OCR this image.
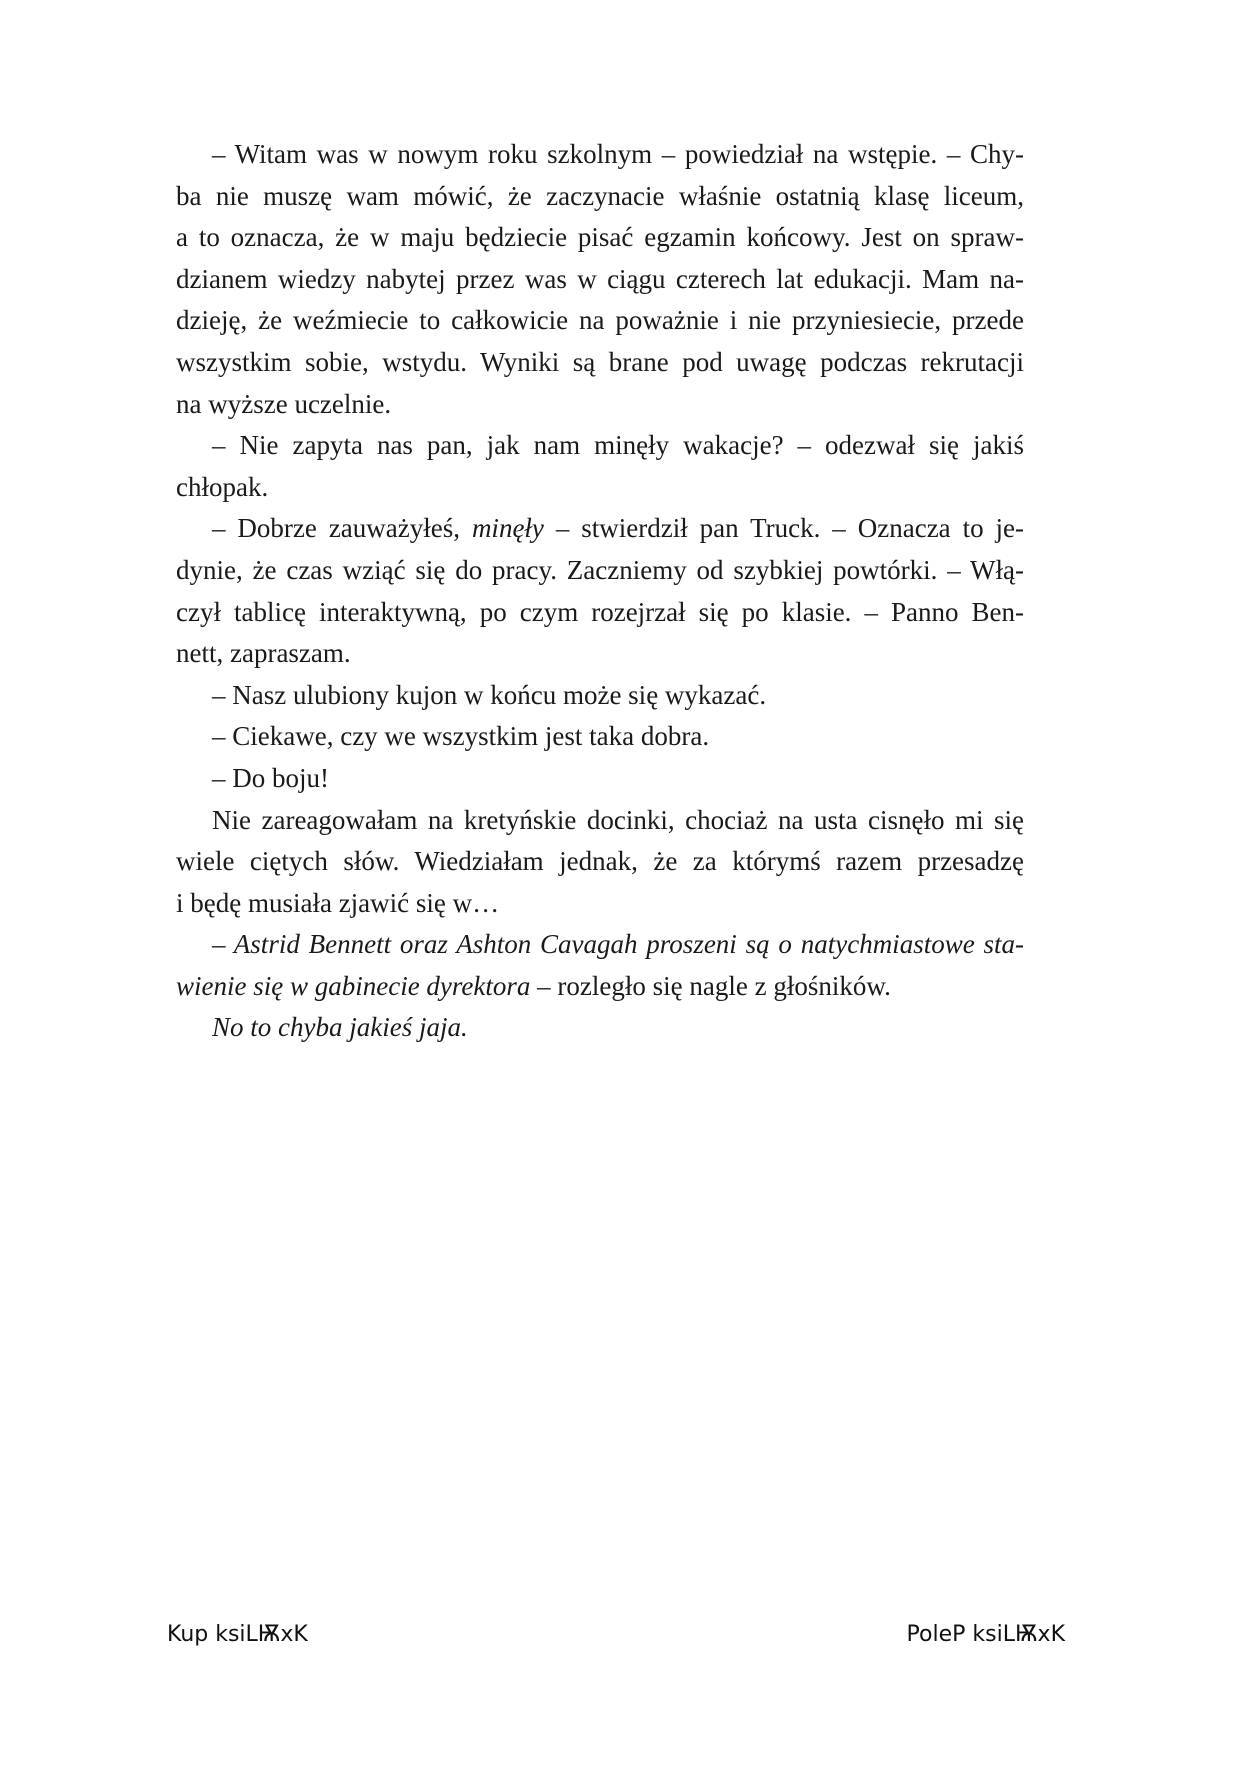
– Witam was w nowym roku szkolnym – powiedział na wstępie. – Chy-
ba nie muszę wam mówić, że zaczynacie właśnie ostatnią klasę liceum,
a to oznacza, że w maju będziecie pisać egzamin końcowy. Jest on spraw-
dzianem wiedzy nabytej przez was w ciągu czterech lat edukacji. Mam na-
dzieję, że weźmiecie to całkowicie na poważnie i nie przyniesiecie, przede
wszystkim sobie, wstydu. Wyniki są brane pod uwagę podczas rekrutacji
na wyższe uczelnie.
– Nie zapyta nas pan, jak nam minęły wakacje? – odezwał się jakiś
chłopak.
– Dobrze zauważyłeś, minęły – stwierdził pan Truck. – Oznacza to je-
dynie, że czas wziąć się do pracy. Zaczniemy od szybkiej powtórki. – Włą-
czył tablicę interaktywną, po czym rozejrzał się po klasie. – Panno Ben-
nett, zapraszam.
– Nasz ulubiony kujon w końcu może się wykazać.
– Ciekawe, czy we wszystkim jest taka dobra.
– Do boju!
Nie zareagowałam na kretyńskie docinki, chociaż na usta cisnęło mi się
wiele ciętych słów. Wiedziałam jednak, że za którymś razem przesadzę
i będę musiała zjawić się w…
– Astrid Bennett oraz Ashton Cavagah proszeni są o natychmiastowe sta-
wienie się w gabinecie dyrektora – rozległo się nagle z głośników.
No to chyba jakieś jaja.
Kup ksiLѬxK	PoleP ksiLѬxK
